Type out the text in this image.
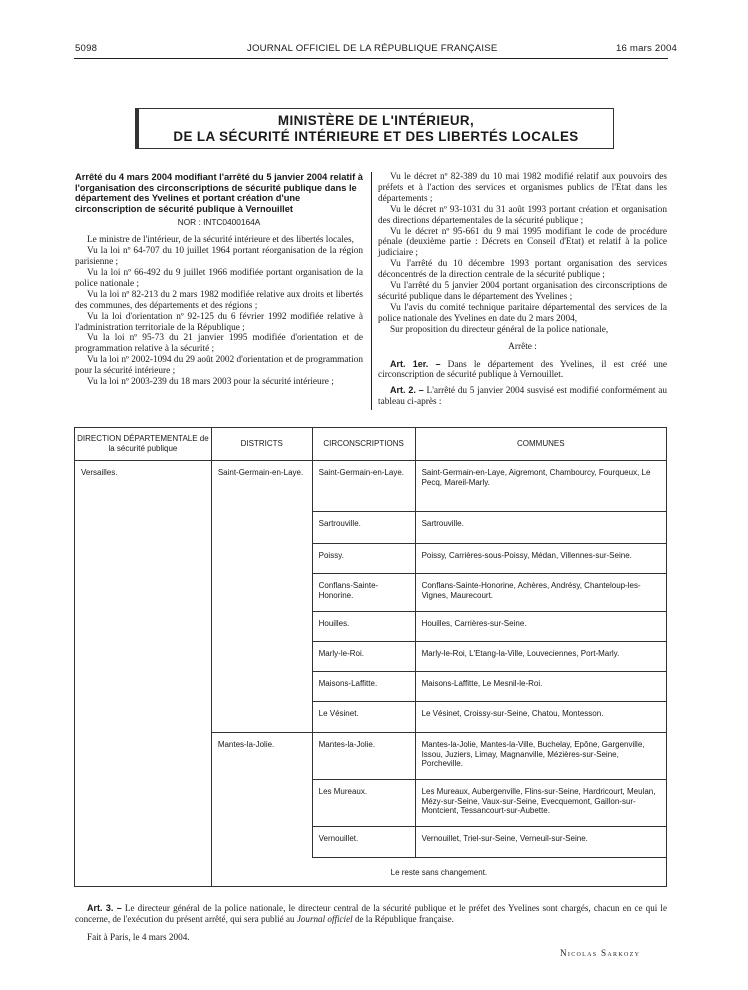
5098	JOURNAL OFFICIEL DE LA RÉPUBLIQUE FRANÇAISE	16 mars 2004
MINISTÈRE DE L'INTÉRIEUR,
DE LA SÉCURITÉ INTÉRIEURE ET DES LIBERTÉS LOCALES

Arrêté du 4 mars 2004 modifiant l'arrêté du 5 janvier 2004 relatif à l'organisation des circonscriptions de sécurité publique dans le département des Yvelines et portant création d'une circonscription de sécurité publique à Vernouillet

NOR : INTC0400164A

Le ministre de l'intérieur, de la sécurité intérieure et des libertés locales,

Vu la loi nº 64-707 du 10 juillet 1964 portant réorganisation de la région parisienne ;

Vu la loi nº 66-492 du 9 juillet 1966 modifiée portant organisation de la police nationale ;

Vu la loi nº 82-213 du 2 mars 1982 modifiée relative aux droits et libertés des communes, des départements et des régions ;

Vu la loi d'orientation nº 92-125 du 6 février 1992 modifiée relative à l'administration territoriale de la République ;

Vu la loi nº 95-73 du 21 janvier 1995 modifiée d'orientation et de programmation relative à la sécurité ;

Vu la loi nº 2002-1094 du 29 août 2002 d'orientation et de programmation pour la sécurité intérieure ;

Vu la loi nº 2003-239 du 18 mars 2003 pour la sécurité intérieure ;

Vu le décret nº 82-389 du 10 mai 1982 modifié relatif aux pouvoirs des préfets et à l'action des services et organismes publics de l'Etat dans les départements ;

Vu le décret nº 93-1031 du 31 août 1993 portant création et organisation des directions départementales de la sécurité publique ;

Vu le décret nº 95-661 du 9 mai 1995 modifiant le code de procédure pénale (deuxième partie : Décrets en Conseil d'Etat) et relatif à la police judiciaire ;

Vu l'arrêté du 10 décembre 1993 portant organisation des services déconcentrés de la direction centrale de la sécurité publique ;

Vu l'arrêté du 5 janvier 2004 portant organisation des circonscriptions de sécurité publique dans le département des Yvelines ;

Vu l'avis du comité technique paritaire départemental des services de la police nationale des Yvelines en date du 2 mars 2004,

Sur proposition du directeur général de la police nationale,

Arrête :

Art. 1er. – Dans le département des Yvelines, il est créé une circonscription de sécurité publique à Vernouillet.

Art. 2. – L'arrêté du 5 janvier 2004 susvisé est modifié conformément au tableau ci-après :

DIRECTION DÉPARTEMENTALE de la sécurité publique	DISTRICTS	CIRCONSCRIPTIONS	COMMUNES
Versailles.	Saint-Germain-en-Laye.	Saint-Germain-en-Laye.	Saint-Germain-en-Laye, Aigremont, Chambourcy, Fourqueux, Le Pecq, Mareil-Marly.
		Sartrouville.	Sartrouville.
		Poissy.	Poissy, Carrières-sous-Poissy, Médan, Villennes-sur-Seine.
		Conflans-Sainte-Honorine.	Conflans-Sainte-Honorine, Achères, Andrésy, Chanteloup-les-Vignes, Maurecourt.
		Houilles.	Houilles, Carrières-sur-Seine.
		Marly-le-Roi.	Marly-le-Roi, L'Etang-la-Ville, Louveciennes, Port-Marly.
		Maisons-Laffitte.	Maisons-Laffitte, Le Mesnil-le-Roi.
		Le Vésinet.	Le Vésinet, Croissy-sur-Seine, Chatou, Montesson.
	Mantes-la-Jolie.	Mantes-la-Jolie.	Mantes-la-Jolie, Mantes-la-Ville, Buchelay, Epône, Gargenville, Issou, Juziers, Limay, Magnanville, Mézières-sur-Seine, Porcheville.
		Les Mureaux.	Les Mureaux, Aubergenville, Flins-sur-Seine, Hardricourt, Meulan, Mézy-sur-Seine, Vaux-sur-Seine, Evecquemont, Gaillon-sur-Montcient, Tessancourt-sur-Aubette.
		Vernouillet.	Vernouillet, Triel-sur-Seine, Verneuil-sur-Seine.
	Le reste sans changement.		

Art. 3. – Le directeur général de la police nationale, le directeur central de la sécurité publique et le préfet des Yvelines sont chargés, chacun en ce qui le concerne, de l'exécution du présent arrêté, qui sera publié au Journal officiel de la République française.

Fait à Paris, le 4 mars 2004.
Nicolas Sarkozy
